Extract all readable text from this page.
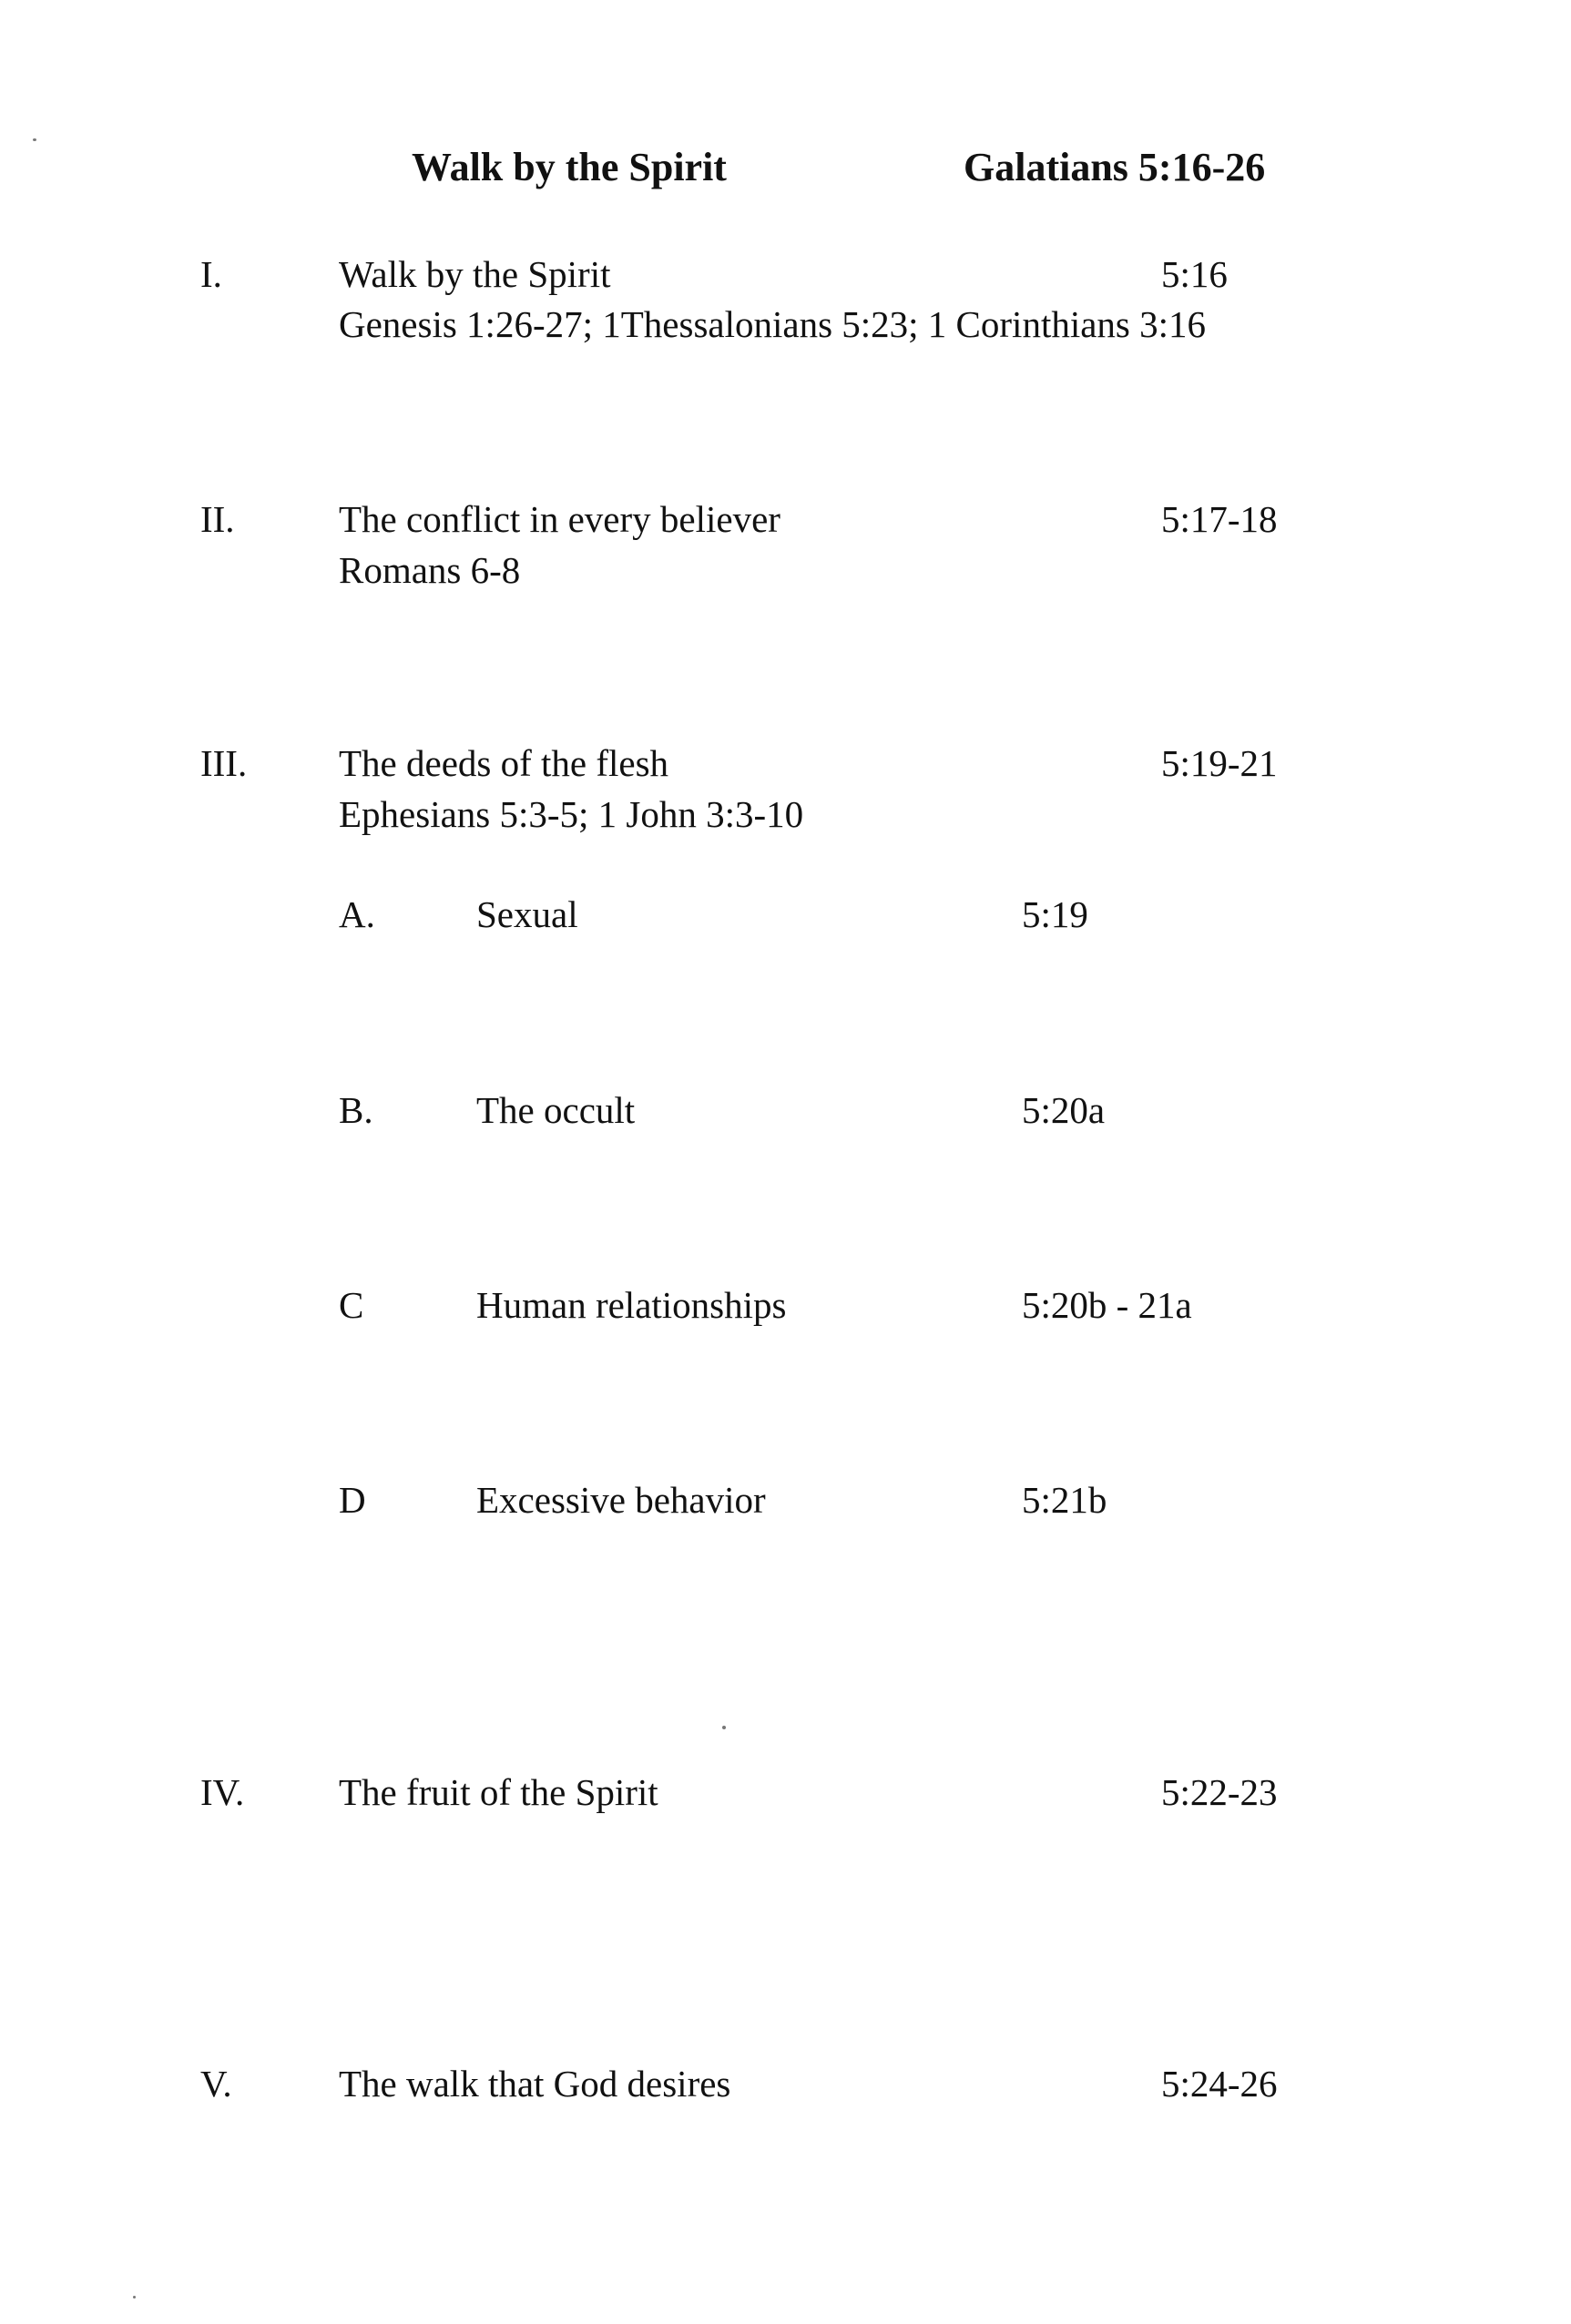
Walk by the Spirit	Galatians 5:16-26
I.	Walk by the Spirit	5:16
Genesis 1:26-27; 1Thessalonians 5:23; 1 Corinthians 3:16
II.	The conflict in every believer	5:17-18
Romans 6-8
III. The deeds of the flesh	5:19-21
Ephesians 5:3-5; 1 John 3:3-10
A.	Sexual	5:19
B.	The occult	5:20a
C	Human relationships	5:20b - 21a
D	Excessive behavior	5:21b
IV.	The fruit of the Spirit	5:22-23
V.	The walk that God desires	5:24-26
